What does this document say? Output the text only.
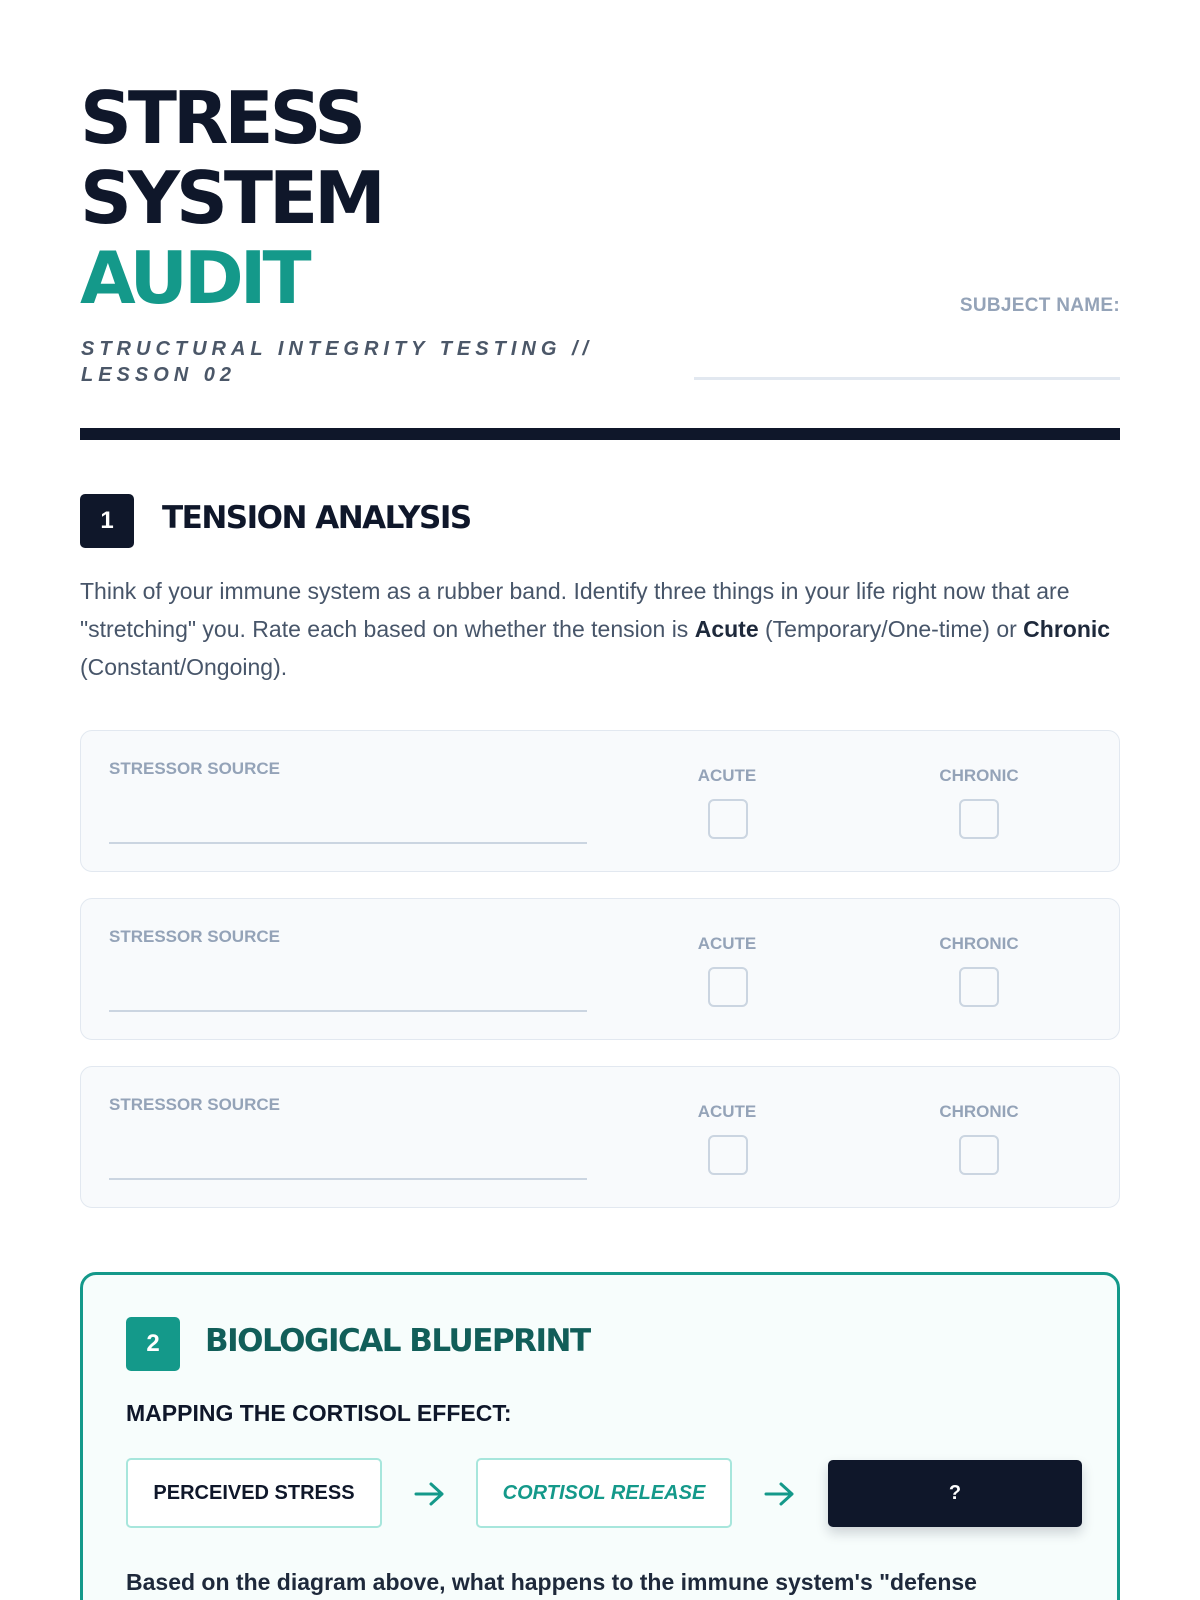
STRESS
SYSTEM
AUDIT
STRUCTURAL INTEGRITY TESTING // LESSON 02
SUBJECT NAME:
1	TENSION ANALYSIS

Think of your immune system as a rubber band. Identify three things in your life right now that are "stretching" you. Rate each based on whether the tension is Acute (Temporary/One-time) or Chronic (Constant/Ongoing).

STRESSOR SOURCE	ACUTE	CHRONIC
STRESSOR SOURCE	ACUTE	CHRONIC
STRESSOR SOURCE	ACUTE	CHRONIC
2	BIOLOGICAL BLUEPRINT
MAPPING THE CORTISOL EFFECT:
PERCEIVED STRESS	CORTISOL RELEASE	?

Based on the diagram above, what happens to the immune system's "defense
